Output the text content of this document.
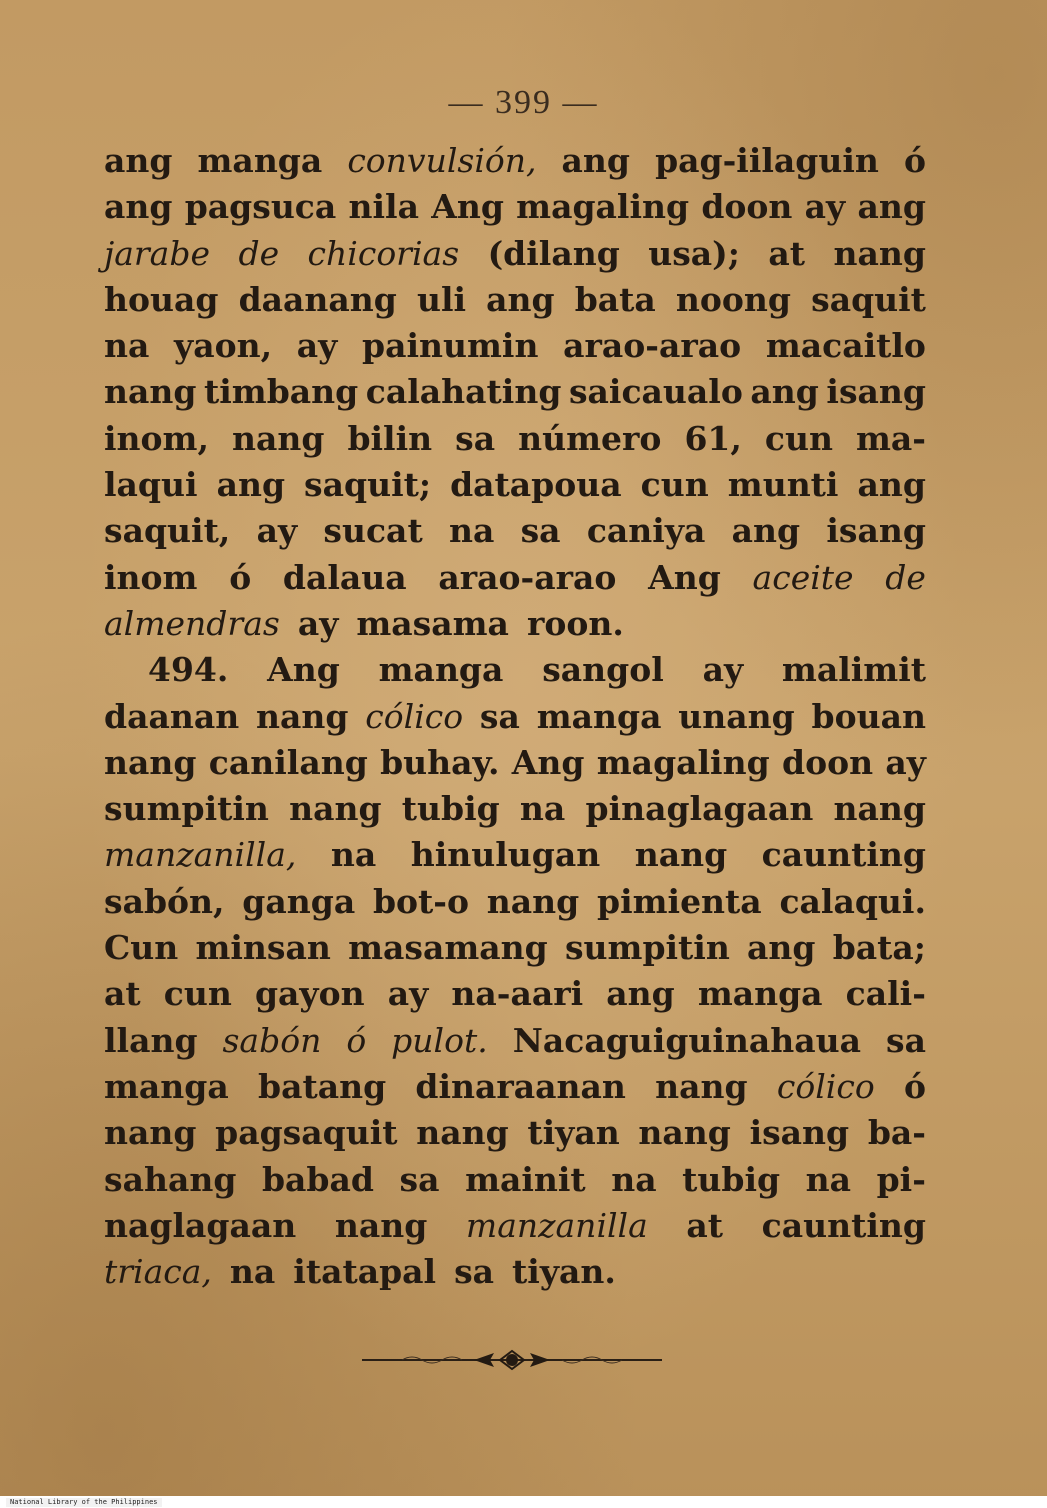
— 399 —
ang manga convulsión, ang pag-iilaguin ó
ang pagsuca nila Ang magaling doon ay ang
jarabe de chicorias (dilang usa); at nang
houag daanang uli ang bata noong saquit
na yaon, ay painumin arao-arao macaitlo
nang timbang calahating saicaualo ang isang
inom, nang bilin sa número 61, cun ma-
laqui ang saquit; datapoua cun munti ang
saquit, ay sucat na sa caniya ang isang
inom ó dalaua arao-arao Ang aceite de
almendras ay masama roon.
494. Ang manga sangol ay malimit
daanan nang cólico sa manga unang bouan
nang canilang buhay. Ang magaling doon ay
sumpitin nang tubig na pinaglagaan nang
manzanilla, na hinulugan nang caunting
sabón, ganga bot-o nang pimienta calaqui.
Cun minsan masamang sumpitin ang bata;
at cun gayon ay na-aari ang manga cali-
llang sabón ó pulot. Nacaguiguinahaua sa
manga batang dinaraanan nang cólico ó
nang pagsaquit nang tiyan nang isang ba-
sahang babad sa mainit na tubig na pi-
naglagaan nang manzanilla at caunting
triaca, na itatapal sa tiyan.
National Library of the Philippines
